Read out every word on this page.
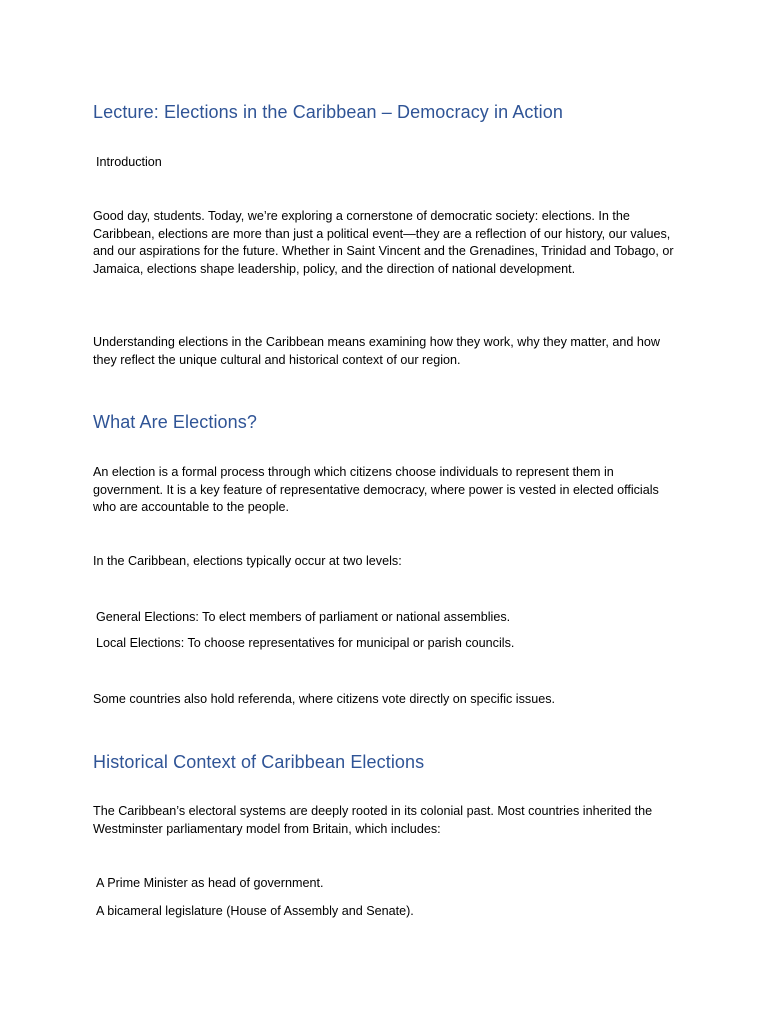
Lecture: Elections in the Caribbean – Democracy in Action

Introduction

Good day, students. Today, we’re exploring a cornerstone of democratic society: elections. In the Caribbean, elections are more than just a political event—they are a reflection of our history, our values, and our aspirations for the future. Whether in Saint Vincent and the Grenadines, Trinidad and Tobago, or Jamaica, elections shape leadership, policy, and the direction of national development.

Understanding elections in the Caribbean means examining how they work, why they matter, and how they reflect the unique cultural and historical context of our region.

What Are Elections?

An election is a formal process through which citizens choose individuals to represent them in government. It is a key feature of representative democracy, where power is vested in elected officials who are accountable to the people.

In the Caribbean, elections typically occur at two levels:

General Elections: To elect members of parliament or national assemblies.

Local Elections: To choose representatives for municipal or parish councils.

Some countries also hold referenda, where citizens vote directly on specific issues.

Historical Context of Caribbean Elections

The Caribbean’s electoral systems are deeply rooted in its colonial past. Most countries inherited the Westminster parliamentary model from Britain, which includes:

A Prime Minister as head of government.

A bicameral legislature (House of Assembly and Senate).
